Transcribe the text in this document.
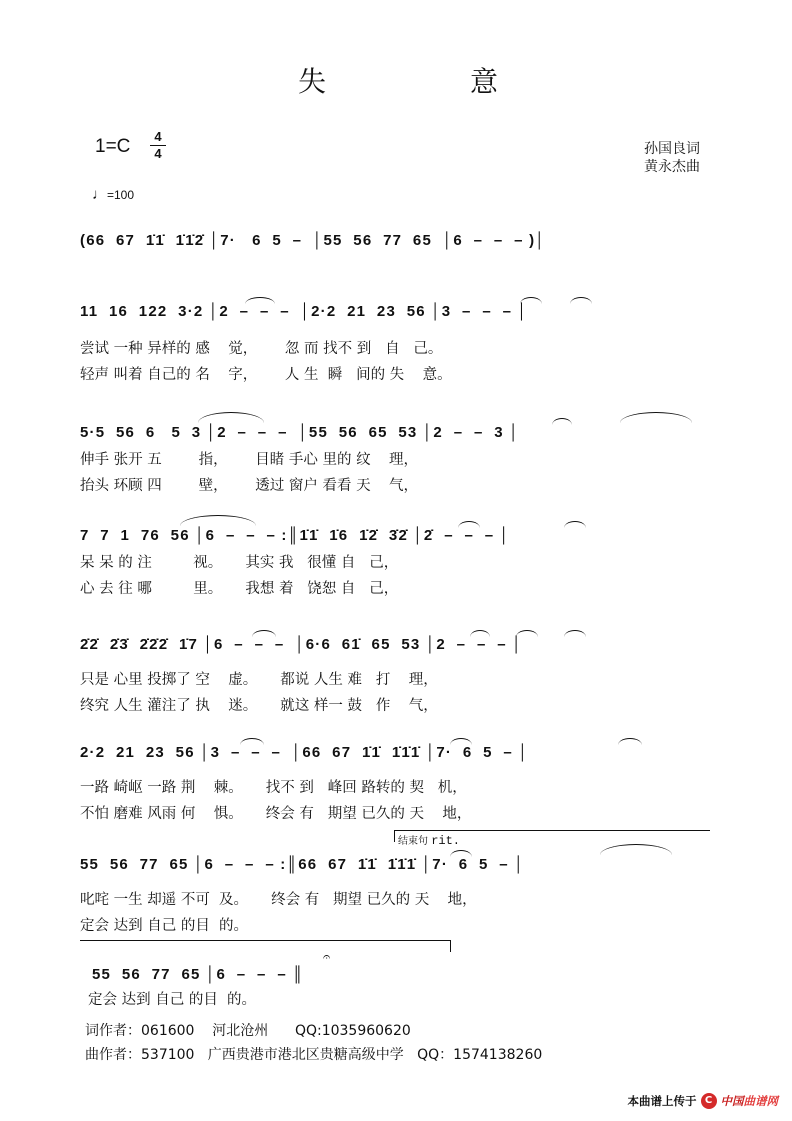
失	意
1=C	4
4	孙国良词
黄永杰曲
♩=100
(66  67  1̇1̇  1̇1̇2̇ │7·   6  5  –  │55  56  77  65  │6  –  –  – )│
11  16  122  3·2 │2  –  –  –  │2·2  21  23  56 │3  –  –  – │
尝试 一种 异样的 感    觉，      忽 而 找不 到   自   己。
轻声 叫着 自己的 名    字，      人 生  瞬   间的 失    意。
5·5  56  6   5  3 │2  –  –  –  │55  56  65  53 │2  –  –  3 │
伸手 张开 五        指，      目睹 手心 里的 纹    理，
抬头 环顾 四        壁，      透过 窗户 看看 天    气，
7  7  1  76  56 │6  –  –  – :║1̇1̇  1̇6  1̇2̇  3̇2̇ │2̇  –  –  – │
呆 呆 的 注         视。     其实 我   很懂 自   己，
心 去 往 哪         里。     我想 着   饶恕 自   己，
2̇2̇  2̇3̇  2̇2̇2̇  1̇7 │6  –  –  –  │6·6  61̇  65  53 │2  –  –  – │
只是 心里 投掷了 空    虚。     都说 人生 难   打    理，
终究 人生 灌注了 执    迷。     就这 样一 鼓   作    气，
2·2  21  23  56 │3  –  –  –  │66  67  1̇1̇  1̇1̇1̇ │7·  6  5  – │
一路 崎岖 一路 荆    棘。     找不 到   峰回 路转的 契   机，
不怕 磨难 风雨 何    惧。     终会 有   期望 已久的 天    地，
结束句 rit.
55  56  77  65 │6  –  –  – :║66  67  1̇1̇  1̇1̇1̇ │7·  6  5  – │
叱咤 一生 却遥 不可  及。     终会 有   期望 已久的 天    地，
定会 达到 自己 的目  的。
𝄐
55  56  77  65 │6  –  –  – ║
定会 达到 自己 的目  的。
词作者：061600    河北沧州      QQ:1035960620
曲作者：537100   广西贵港市港北区贵糖高级中学   QQ：1574138260
本曲谱上传于 C 中国曲谱网
